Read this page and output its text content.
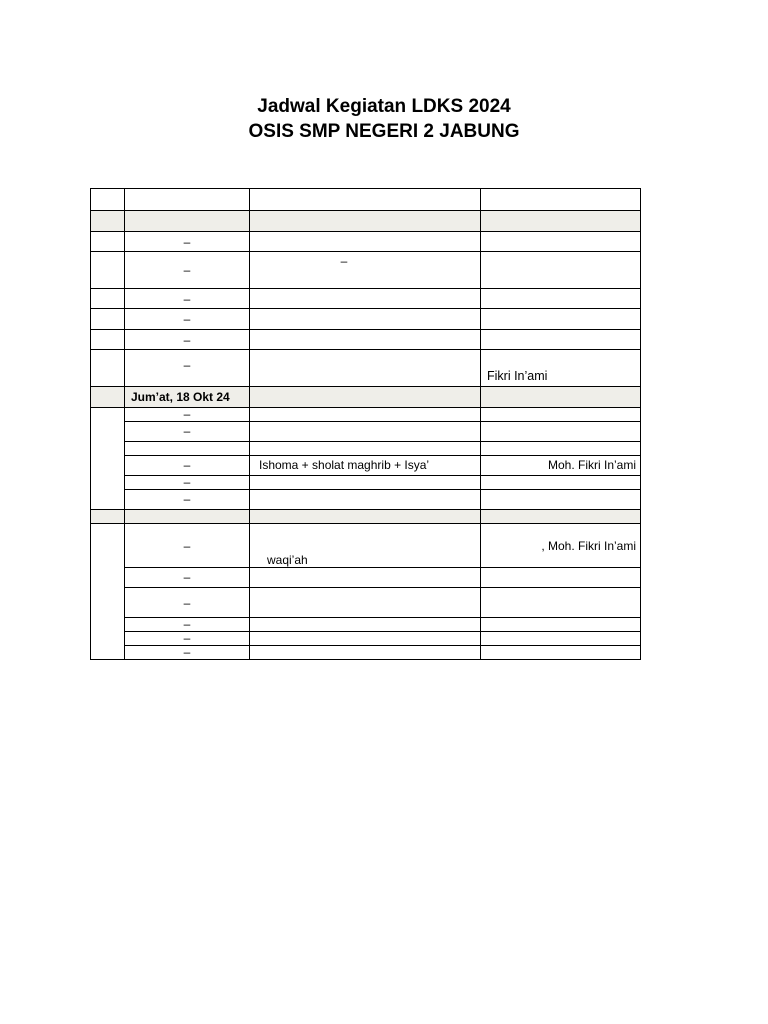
Jadwal Kegiatan LDKS 2024
OSIS SMP NEGERI 2 JABUNG

	–		
	–	–	
	–		
	–		
	–		
	–		Fikri In’ami
	Jum’at, 18 Okt 24		
	–		
	–		

	–	Ishoma + sholat maghrib + Isya’	Moh. Fikri In’ami
	–		
	–		

	–	waqi’ah	, Moh. Fikri In’ami
	–		
	–		
	–		
	–		
	–		
